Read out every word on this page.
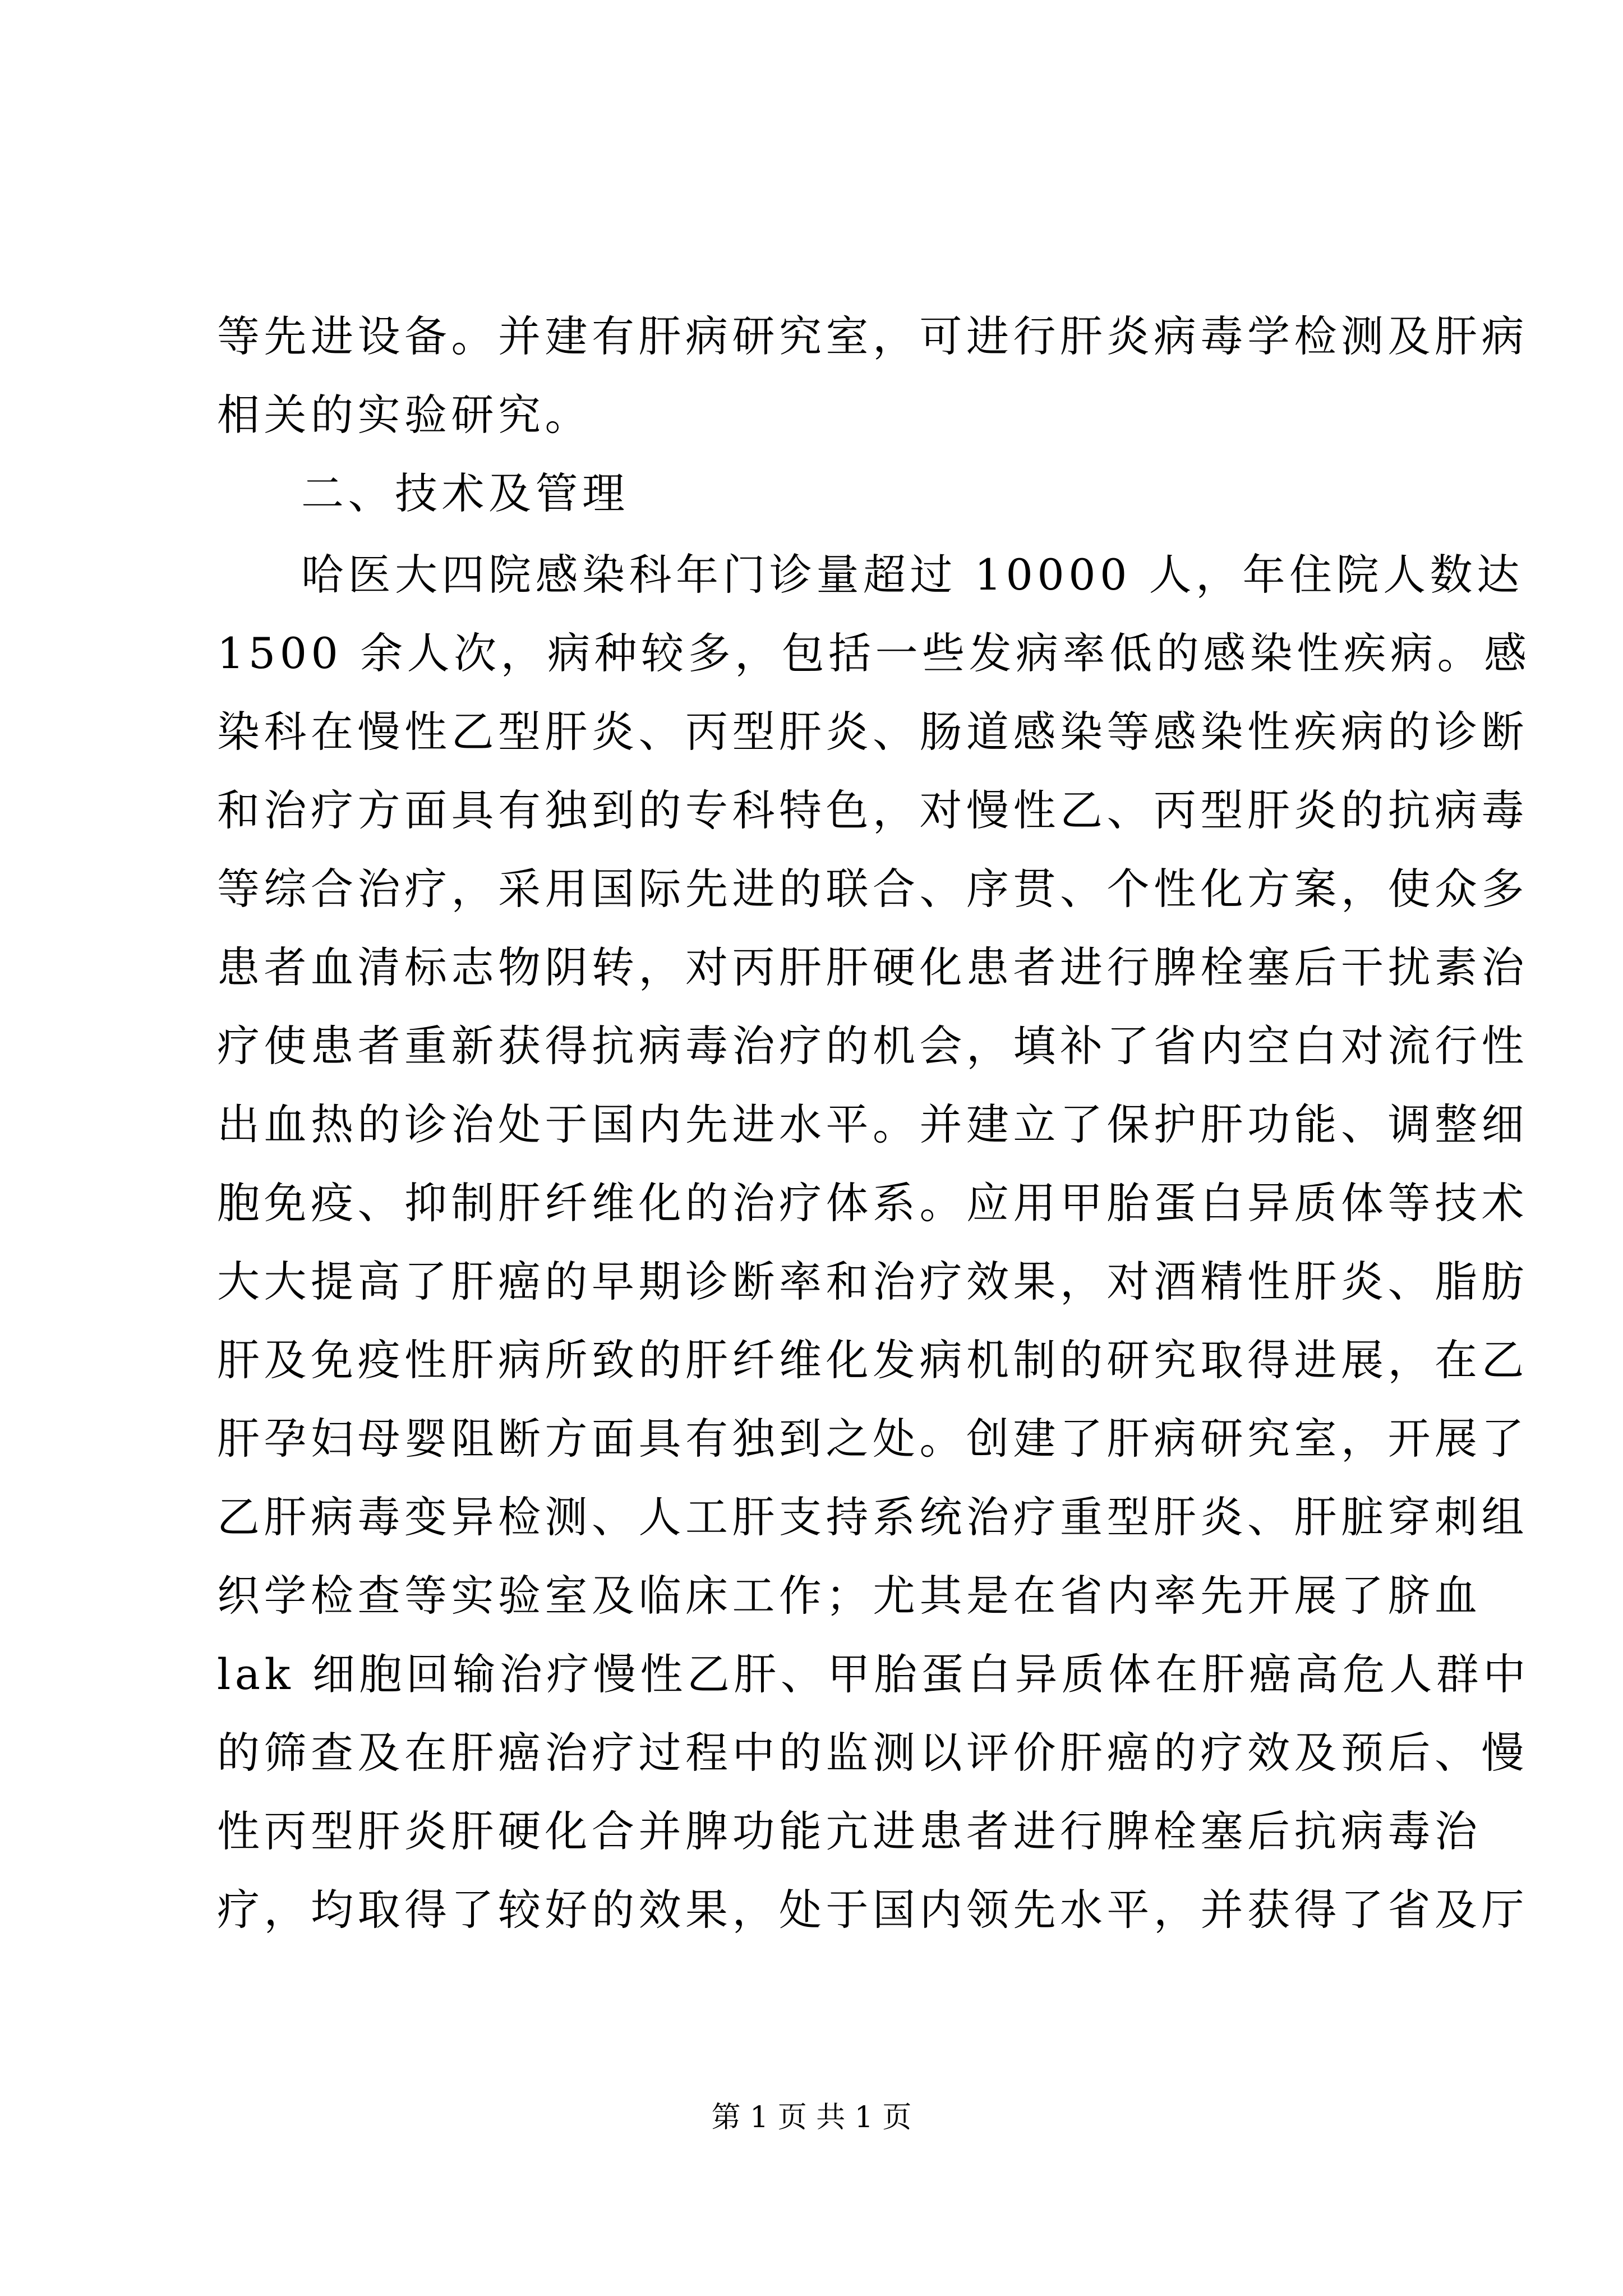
等先进设备。并建有肝病研究室，可进行肝炎病毒学检测及肝病
相关的实验研究。
二、技术及管理
哈医大四院感染科年门诊量超过 10000 人，年住院人数达
1500 余人次，病种较多，包括一些发病率低的感染性疾病。感
染科在慢性乙型肝炎、丙型肝炎、肠道感染等感染性疾病的诊断
和治疗方面具有独到的专科特色，对慢性乙、丙型肝炎的抗病毒
等综合治疗，采用国际先进的联合、序贯、个性化方案，使众多
患者血清标志物阴转，对丙肝肝硬化患者进行脾栓塞后干扰素治
疗使患者重新获得抗病毒治疗的机会，填补了省内空白对流行性
出血热的诊治处于国内先进水平。并建立了保护肝功能、调整细
胞免疫、抑制肝纤维化的治疗体系。应用甲胎蛋白异质体等技术
大大提高了肝癌的早期诊断率和治疗效果，对酒精性肝炎、脂肪
肝及免疫性肝病所致的肝纤维化发病机制的研究取得进展，在乙
肝孕妇母婴阻断方面具有独到之处。创建了肝病研究室，开展了
乙肝病毒变异检测、人工肝支持系统治疗重型肝炎、肝脏穿刺组
织学检查等实验室及临床工作；尤其是在省内率先开展了脐血
lak 细胞回输治疗慢性乙肝、甲胎蛋白异质体在肝癌高危人群中
的筛查及在肝癌治疗过程中的监测以评价肝癌的疗效及预后、慢
性丙型肝炎肝硬化合并脾功能亢进患者进行脾栓塞后抗病毒治
疗，均取得了较好的效果，处于国内领先水平，并获得了省及厅
第 1 页 共 1 页
